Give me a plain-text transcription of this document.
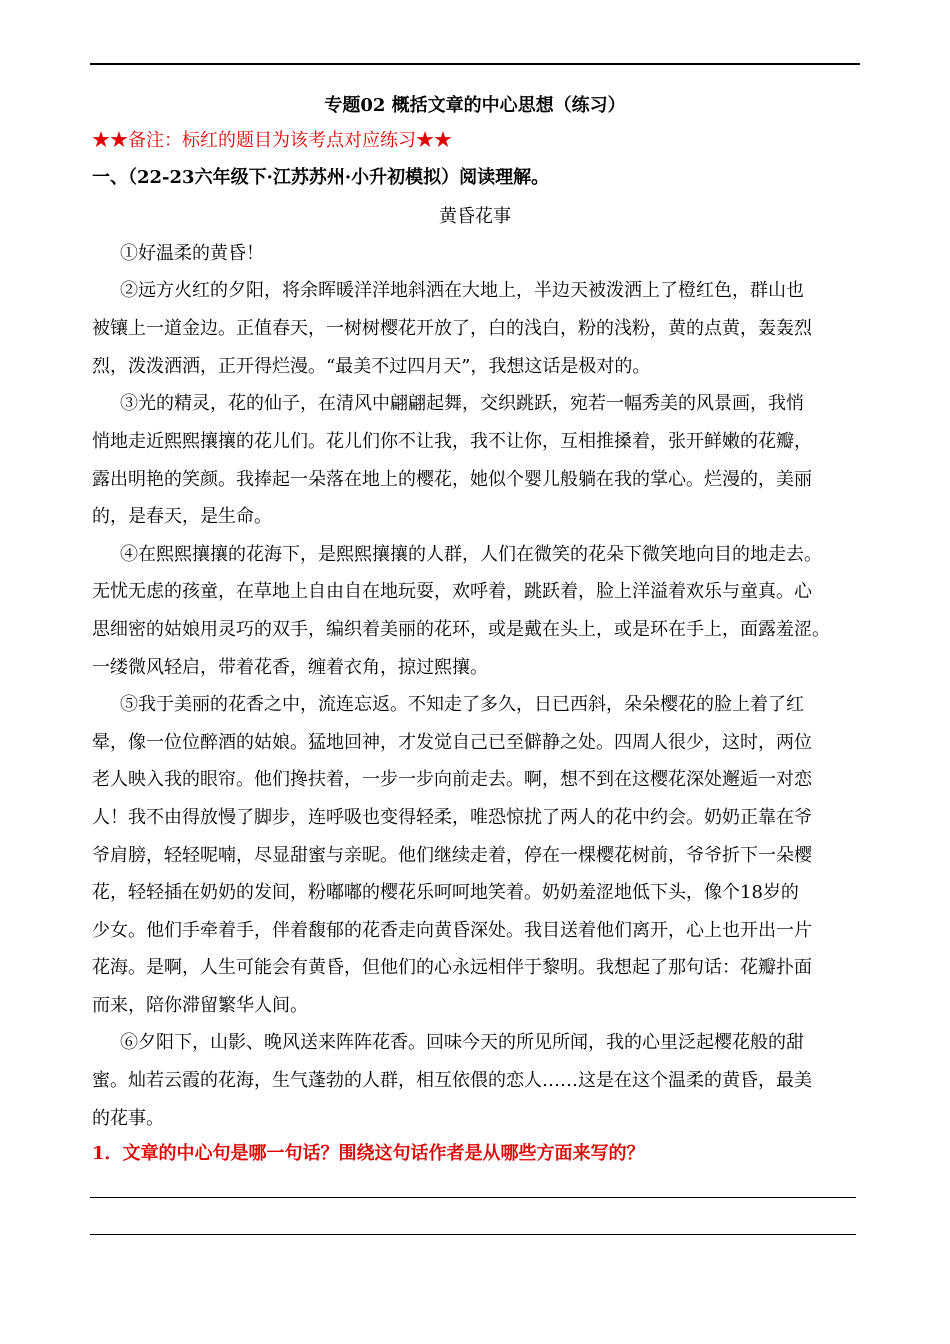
专题02 概括文章的中心思想（练习）
★★备注：标红的题目为该考点对应练习★★
一、（22-23六年级下·江苏苏州·小升初模拟）阅读理解。
黄昏花事
①好温柔的黄昏！
②远方火红的夕阳，将余晖暖洋洋地斜洒在大地上，半边天被泼洒上了橙红色，群山也
被镶上一道金边。正值春天，一树树樱花开放了，白的浅白，粉的浅粉，黄的点黄，轰轰烈
烈，泼泼洒洒，正开得烂漫。“最美不过四月天”，我想这话是极对的。
③光的精灵，花的仙子，在清风中翩翩起舞，交织跳跃，宛若一幅秀美的风景画，我悄
悄地走近熙熙攘攘的花儿们。花儿们你不让我，我不让你，互相推搡着，张开鲜嫩的花瓣，
露出明艳的笑颜。我捧起一朵落在地上的樱花，她似个婴儿般躺在我的掌心。烂漫的，美丽
的，是春天，是生命。
④在熙熙攘攘的花海下，是熙熙攘攘的人群，人们在微笑的花朵下微笑地向目的地走去。
无忧无虑的孩童，在草地上自由自在地玩耍，欢呼着，跳跃着，脸上洋溢着欢乐与童真。心
思细密的姑娘用灵巧的双手，编织着美丽的花环，或是戴在头上，或是环在手上，面露羞涩。
一缕微风轻启，带着花香，缠着衣角，掠过熙攘。
⑤我于美丽的花香之中，流连忘返。不知走了多久，日已西斜，朵朵樱花的脸上着了红
晕，像一位位醉酒的姑娘。猛地回神，才发觉自己已至僻静之处。四周人很少，这时，两位
老人映入我的眼帘。他们搀扶着，一步一步向前走去。啊，想不到在这樱花深处邂逅一对恋
人！我不由得放慢了脚步，连呼吸也变得轻柔，唯恐惊扰了两人的花中约会。奶奶正靠在爷
爷肩膀，轻轻呢喃，尽显甜蜜与亲昵。他们继续走着，停在一棵樱花树前，爷爷折下一朵樱
花，轻轻插在奶奶的发间，粉嘟嘟的樱花乐呵呵地笑着。奶奶羞涩地低下头，像个18岁的
少女。他们手牵着手，伴着馥郁的花香走向黄昏深处。我目送着他们离开，心上也开出一片
花海。是啊，人生可能会有黄昏，但他们的心永远相伴于黎明。我想起了那句话：花瓣扑面
而来，陪你滞留繁华人间。
⑥夕阳下，山影、晚风送来阵阵花香。回味今天的所见所闻，我的心里泛起樱花般的甜
蜜。灿若云霞的花海，生气蓬勃的人群，相互依偎的恋人……这是在这个温柔的黄昏，最美
的花事。
1．文章的中心句是哪一句话？围绕这句话作者是从哪些方面来写的？
